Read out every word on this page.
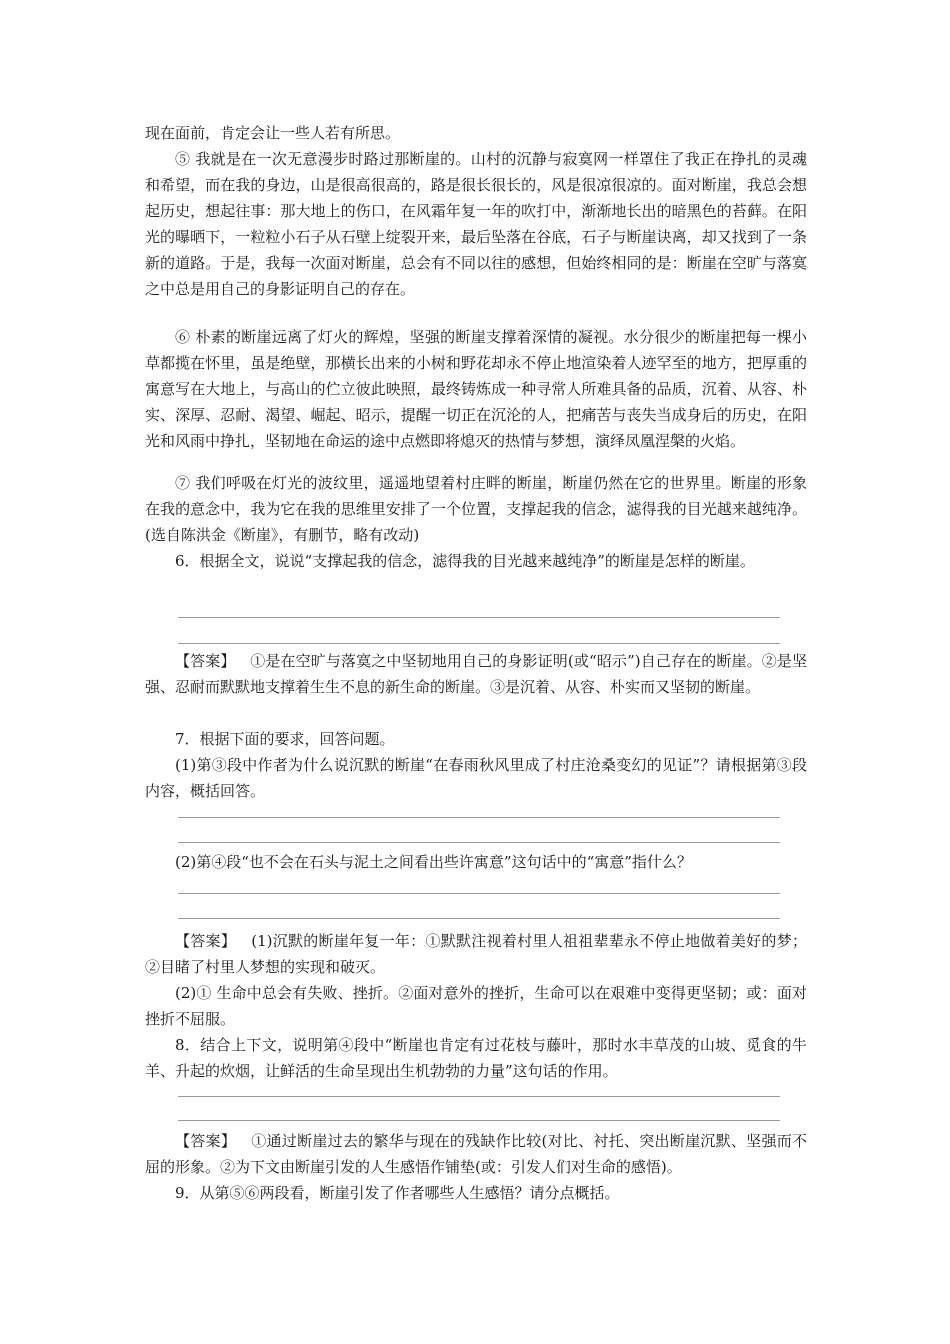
现在面前，肯定会让一些人若有所思。

⑤ 我就是在一次无意漫步时路过那断崖的。山村的沉静与寂寞网一样罩住了我正在挣扎的灵魂和希望，而在我的身边，山是很高很高的，路是很长很长的，风是很凉很凉的。面对断崖，我总会想起历史，想起往事：那大地上的伤口，在风霜年复一年的吹打中，渐渐地长出的暗黑色的苔藓。在阳光的曝晒下，一粒粒小石子从石壁上绽裂开来，最后坠落在谷底，石子与断崖诀离，却又找到了一条新的道路。于是，我每一次面对断崖，总会有不同以往的感想，但始终相同的是：断崖在空旷与落寞之中总是用自己的身影证明自己的存在。

⑥ 朴素的断崖远离了灯火的辉煌，坚强的断崖支撑着深情的凝视。水分很少的断崖把每一棵小草都揽在怀里，虽是绝壁，那横长出来的小树和野花却永不停止地渲染着人迹罕至的地方，把厚重的寓意写在大地上，与高山的伫立彼此映照，最终铸炼成一种寻常人所难具备的品质，沉着、从容、朴实、深厚、忍耐、渴望、崛起、昭示，提醒一切正在沉沦的人，把痛苦与丧失当成身后的历史，在阳光和风雨中挣扎，坚韧地在命运的途中点燃即将熄灭的热情与梦想，演绎凤凰涅槃的火焰。

⑦ 我们呼吸在灯光的波纹里，遥遥地望着村庄畔的断崖，断崖仍然在它的世界里。断崖的形象在我的意念中，我为它在我的思维里安排了一个位置，支撑起我的信念，滤得我的目光越来越纯净。(选自陈洪金《断崖》，有删节，略有改动)

6．根据全文，说说“支撑起我的信念，滤得我的目光越来越纯净”的断崖是怎样的断崖。

【答案】 ①是在空旷与落寞之中坚韧地用自己的身影证明(或“昭示”)自己存在的断崖。②是坚强、忍耐而默默地支撑着生生不息的新生命的断崖。③是沉着、从容、朴实而又坚韧的断崖。

7．根据下面的要求，回答问题。

(1)第③段中作者为什么说沉默的断崖“在春雨秋风里成了村庄沧桑变幻的见证”？请根据第③段内容，概括回答。

(2)第④段“也不会在石头与泥土之间看出些许寓意”这句话中的“寓意”指什么？

【答案】 (1)沉默的断崖年复一年：①默默注视着村里人祖祖辈辈永不停止地做着美好的梦；②目睹了村里人梦想的实现和破灭。

(2)① 生命中总会有失败、挫折。②面对意外的挫折，生命可以在艰难中变得更坚韧；或：面对挫折不屈服。

8．结合上下文，说明第④段中“断崖也肯定有过花枝与藤叶，那时水丰草茂的山坡、觅食的牛羊、升起的炊烟，让鲜活的生命呈现出生机勃勃的力量”这句话的作用。

【答案】 ①通过断崖过去的繁华与现在的残缺作比较(对比、衬托、突出断崖沉默、坚强而不屈的形象。②为下文由断崖引发的人生感悟作铺垫(或：引发人们对生命的感悟)。

9．从第⑤⑥两段看，断崖引发了作者哪些人生感悟？请分点概括。
